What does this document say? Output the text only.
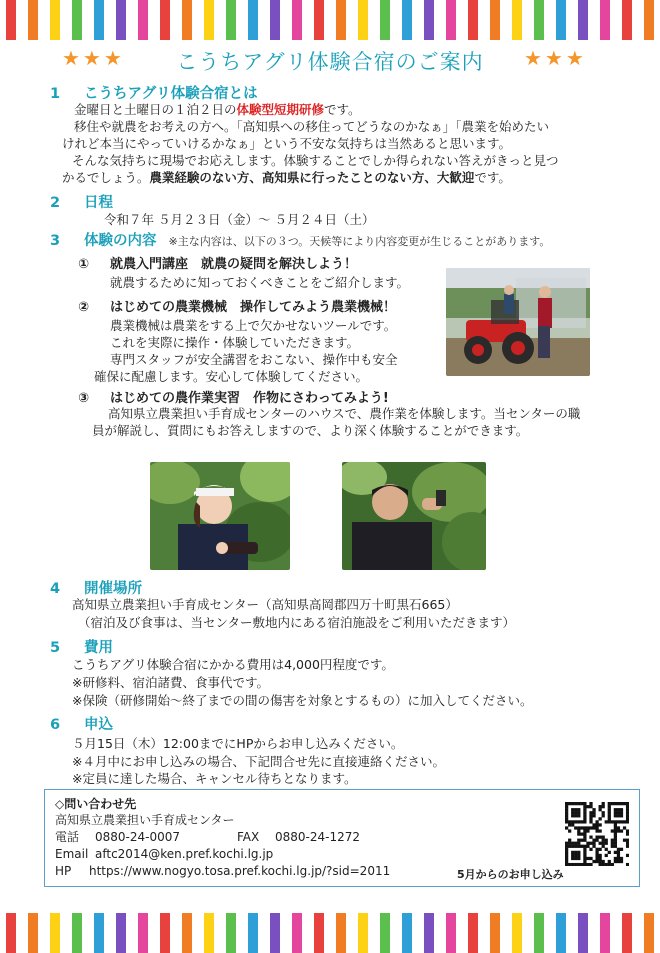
★★★ こうちアグリ体験合宿のご案内 ★★★
1 こうちアグリ体験合宿とは
金曜日と土曜日の１泊２日の体験型短期研修です。
移住や就農をお考えの方へ。「高知県への移住ってどうなのかなぁ」「農業を始めたい
けれど本当にやっていけるかなぁ」という不安な気持ちは当然あると思います。
そんな気持ちに現場でお応えします。体験することでしか得られない答えがきっと見つ
かるでしょう。農業経験のない方、高知県に行ったことのない方、大歓迎です。
2 日程
令和７年 ５月２３日（金）～ ５月２４日（土）
3 体験の内容 ※主な内容は、以下の３つ。天候等により内容変更が生じることがあります。
① 就農入門講座　就農の疑問を解決しよう！
就農するために知っておくべきことをご紹介します。
② はじめての農業機械　操作してみよう農業機械！
農業機械は農業をする上で欠かせないツールです。
これを実際に操作・体験していただきます。
専門スタッフが安全講習をおこない、操作中も安全
確保に配慮します。安心して体験してください。
③ はじめての農作業実習　作物にさわってみよう!
高知県立農業担い手育成センターのハウスで、農作業を体験します。当センターの職
員が解説し、質問にもお答えしますので、より深く体験することができます。
4 開催場所
高知県立農業担い手育成センター（高知県高岡郡四万十町黒石665）
（宿泊及び食事は、当センター敷地内にある宿泊施設をご利用いただきます）
5 費用
こうちアグリ体験合宿にかかる費用は4,000円程度です。
※研修料、宿泊諸費、食事代です。
※保険（研修開始～終了までの間の傷害を対象とするもの）に加入してください。
6 申込
５月15日（木）12:00までにHPからお申し込みください。
※４月中にお申し込みの場合、下記問合せ先に直接連絡ください。
※定員に達した場合、キャンセル待ちとなります。
◇問い合わせ先
高知県立農業担い手育成センター
電話 0880-24-0007	FAX 0880-24-1272
Email aftc2014@ken.pref.kochi.lg.jp
HP https://www.nogyo.tosa.pref.kochi.lg.jp/?sid=2011	5月からのお申し込み
